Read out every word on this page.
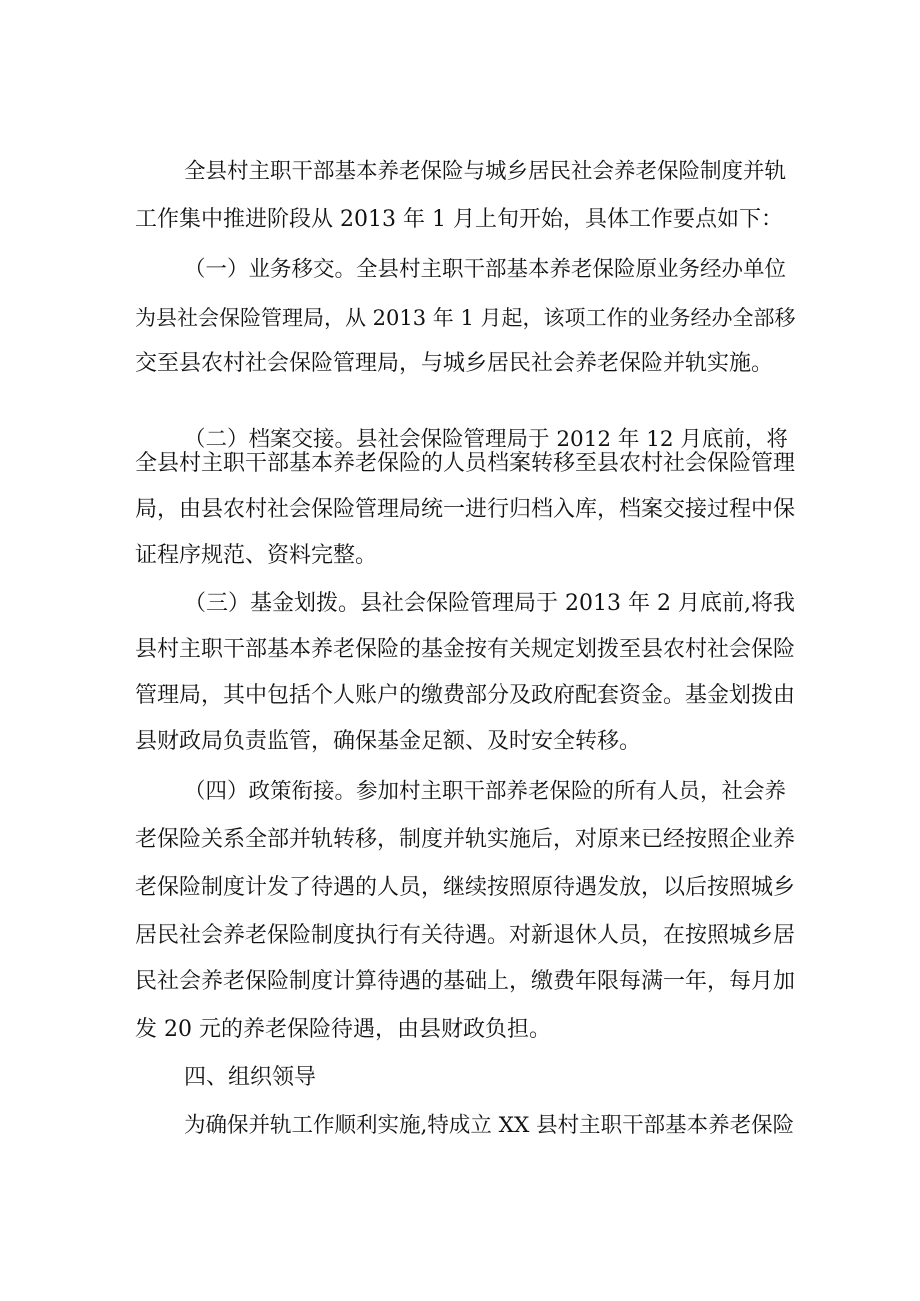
全县村主职干部基本养老保险与城乡居民社会养老保险制度并轨
工作集中推进阶段从 2013 年 1 月上旬开始，具体工作要点如下：
（一）业务移交。全县村主职干部基本养老保险原业务经办单位
为县社会保险管理局，从 2013 年 1 月起，该项工作的业务经办全部移
交至县农村社会保险管理局，与城乡居民社会养老保险并轨实施。
（二）档案交接。县社会保险管理局于 2012 年 12 月底前，将
全县村主职干部基本养老保险的人员档案转移至县农村社会保险管理
局，由县农村社会保险管理局统一进行归档入库，档案交接过程中保
证程序规范、资料完整。
（三）基金划拨。县社会保险管理局于 2013 年 2 月底前,将我
县村主职干部基本养老保险的基金按有关规定划拨至县农村社会保险
管理局，其中包括个人账户的缴费部分及政府配套资金。基金划拨由
县财政局负责监管，确保基金足额、及时安全转移。
（四）政策衔接。参加村主职干部养老保险的所有人员，社会养
老保险关系全部并轨转移，制度并轨实施后，对原来已经按照企业养
老保险制度计发了待遇的人员，继续按照原待遇发放，以后按照城乡
居民社会养老保险制度执行有关待遇。对新退休人员，在按照城乡居
民社会养老保险制度计算待遇的基础上，缴费年限每满一年，每月加
发 20 元的养老保险待遇，由县财政负担。
四、组织领导
为确保并轨工作顺利实施,特成立 XX 县村主职干部基本养老保险
